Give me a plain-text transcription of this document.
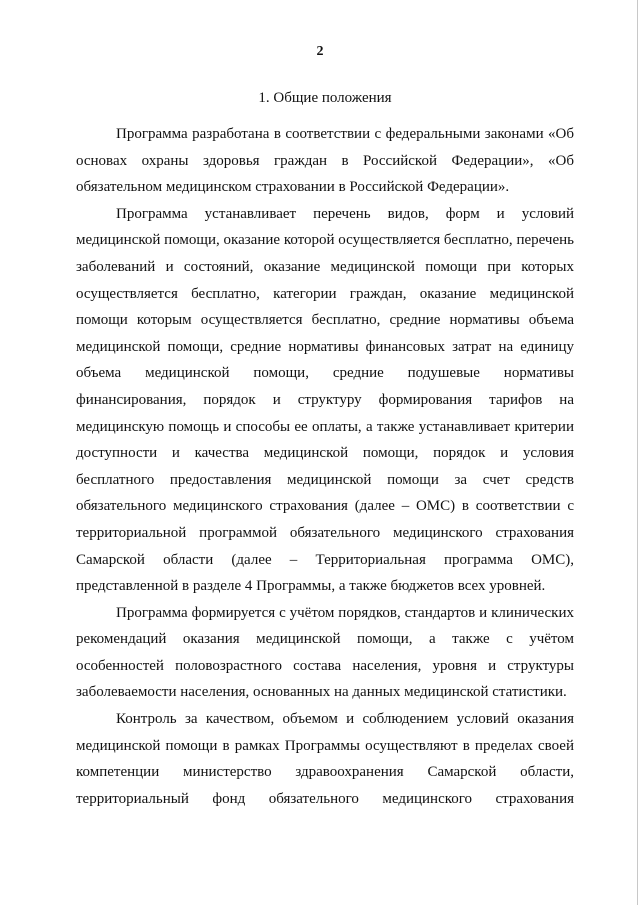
2
1. Общие положения

Программа разработана в соответствии с федеральными законами «Об основах охраны здоровья граждан в Российской Федерации», «Об обязательном медицинском страховании в Российской Федерации».

Программа устанавливает перечень видов, форм и условий медицинской помощи, оказание которой осуществляется бесплатно, перечень заболеваний и состояний, оказание медицинской помощи при которых осуществляется бесплатно, категории граждан, оказание медицинской помощи которым осуществляется бесплатно, средние нормативы объема медицинской помощи, средние нормативы финансовых затрат на единицу объема медицинской помощи, средние подушевые нормативы финансирования, порядок и структуру формирования тарифов на медицинскую помощь и способы ее оплаты, а также устанавливает критерии доступности и качества медицинской помощи, порядок и условия бесплатного предоставления медицинской помощи за счет средств обязательного медицинского страхования (далее – ОМС) в соответствии с территориальной программой обязательного медицинского страхования Самарской области (далее – Территориальная программа ОМС), представленной в разделе 4 Программы, а также бюджетов всех уровней.

Программа формируется с учётом порядков, стандартов и клинических рекомендаций оказания медицинской помощи, а также с учётом особенностей половозрастного состава населения, уровня и структуры заболеваемости населения, основанных на данных медицинской статистики.

Контроль за качеством, объемом и соблюдением условий оказания медицинской помощи в рамках Программы осуществляют в пределах своей компетенции министерство здравоохранения Самарской области, территориальный фонд обязательного медицинского страхования
